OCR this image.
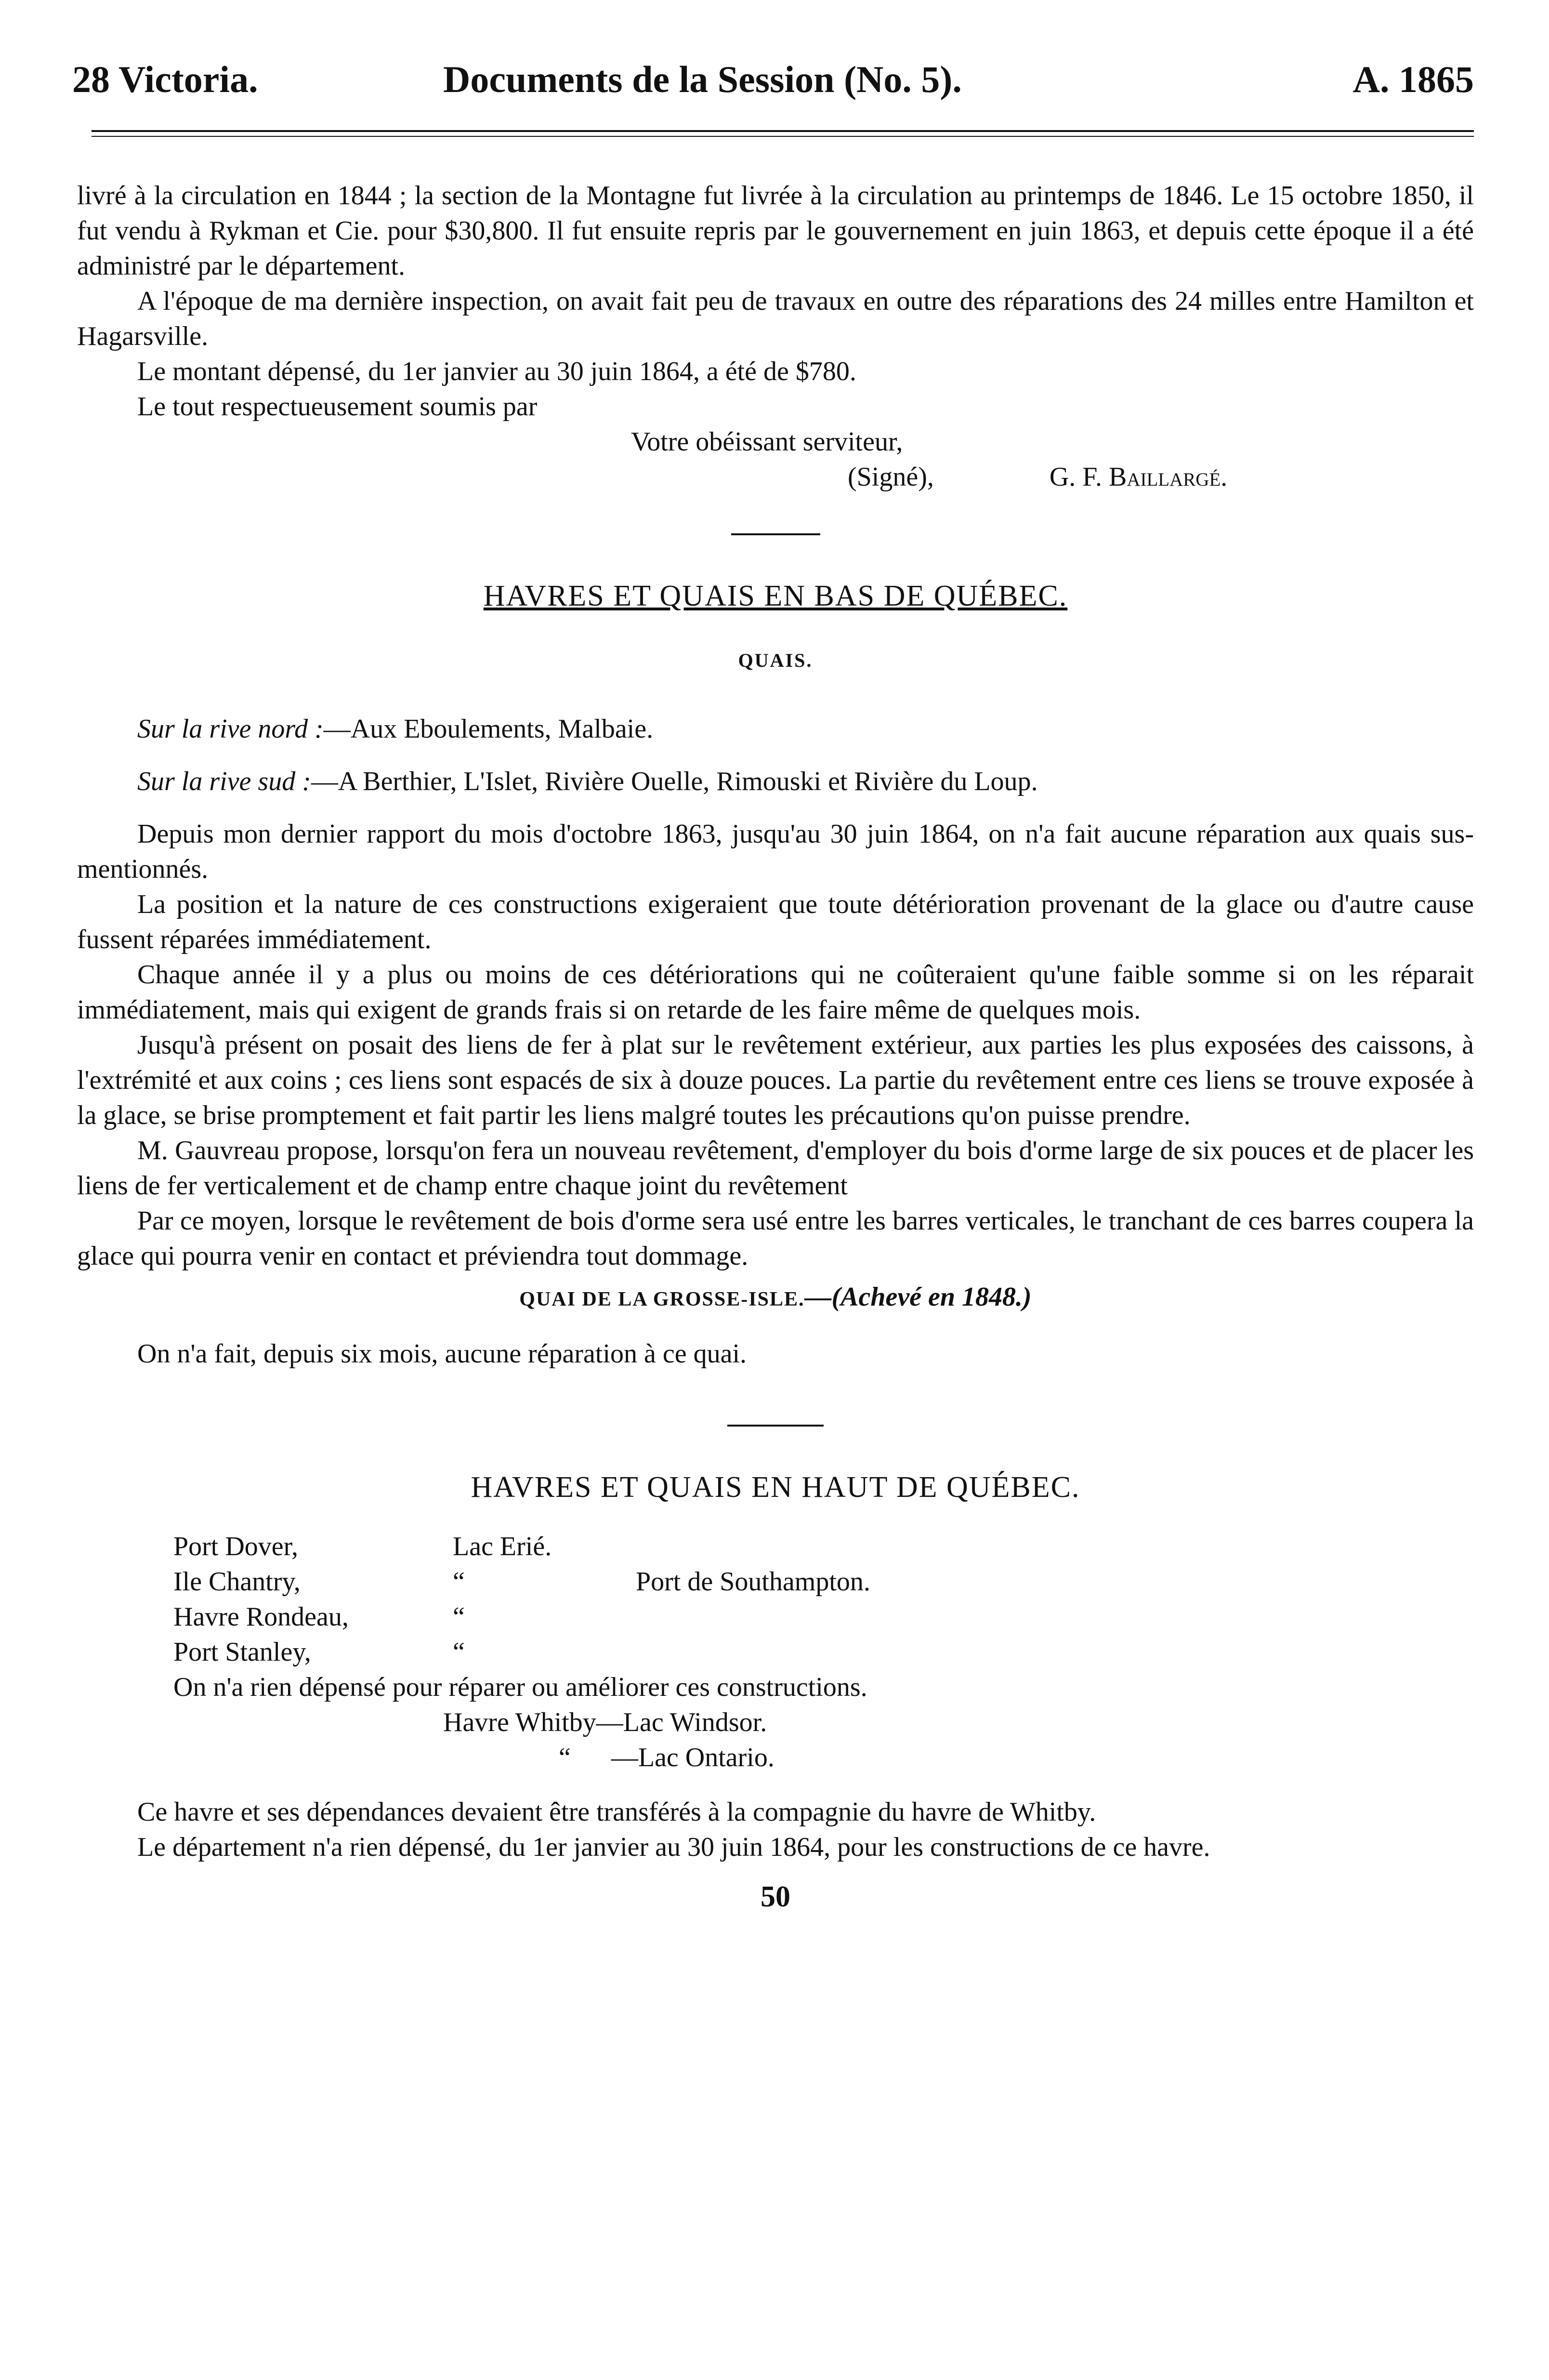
28 Victoria.	Documents de la Session (No. 5).	A. 1865

livré à la circulation en 1844 ; la section de la Montagne fut livrée à la circulation au printemps de 1846. Le 15 octobre 1850, il fut vendu à Rykman et Cie. pour $30,800. Il fut ensuite repris par le gouvernement en juin 1863, et depuis cette époque il a été administré par le département.

A l'époque de ma dernière inspection, on avait fait peu de travaux en outre des réparations des 24 milles entre Hamilton et Hagarsville.

Le montant dépensé, du 1er janvier au 30 juin 1864, a été de $780.

Le tout respectueusement soumis par

Votre obéissant serviteur,

(Signé),	G. F. Baillargé.

HAVRES ET QUAIS EN BAS DE QUÉBEC.
QUAIS.

Sur la rive nord :—Aux Eboulements, Malbaie.

Sur la rive sud :—A Berthier, L'Islet, Rivière Ouelle, Rimouski et Rivière du Loup.

Depuis mon dernier rapport du mois d'octobre 1863, jusqu'au 30 juin 1864, on n'a fait aucune réparation aux quais sus-mentionnés.

La position et la nature de ces constructions exigeraient que toute détérioration provenant de la glace ou d'autre cause fussent réparées immédiatement.

Chaque année il y a plus ou moins de ces détériorations qui ne coûteraient qu'une faible somme si on les réparait immédiatement, mais qui exigent de grands frais si on retarde de les faire même de quelques mois.

Jusqu'à présent on posait des liens de fer à plat sur le revêtement extérieur, aux parties les plus exposées des caissons, à l'extrémité et aux coins ; ces liens sont espacés de six à douze pouces. La partie du revêtement entre ces liens se trouve exposée à la glace, se brise promptement et fait partir les liens malgré toutes les précautions qu'on puisse prendre.

M. Gauvreau propose, lorsqu'on fera un nouveau revêtement, d'employer du bois d'orme large de six pouces et de placer les liens de fer verticalement et de champ entre chaque joint du revêtement

Par ce moyen, lorsque le revêtement de bois d'orme sera usé entre les barres verticales, le tranchant de ces barres coupera la glace qui pourra venir en contact et préviendra tout dommage.

QUAI DE LA GROSSE-ISLE.—(Achevé en 1848.)

On n'a fait, depuis six mois, aucune réparation à ce quai.

HAVRES ET QUAIS EN HAUT DE QUÉBEC.
Port Dover,	Lac Erié.
Ile Chantry,	“	Port de Southampton.
Havre Rondeau,	“
Port Stanley,	“

On n'a rien dépensé pour réparer ou améliorer ces constructions.

Havre Whitby—Lac Windsor.

“      —Lac Ontario.

Ce havre et ses dépendances devaient être transférés à la compagnie du havre de Whitby.

Le département n'a rien dépensé, du 1er janvier au 30 juin 1864, pour les constructions de ce havre.

50
